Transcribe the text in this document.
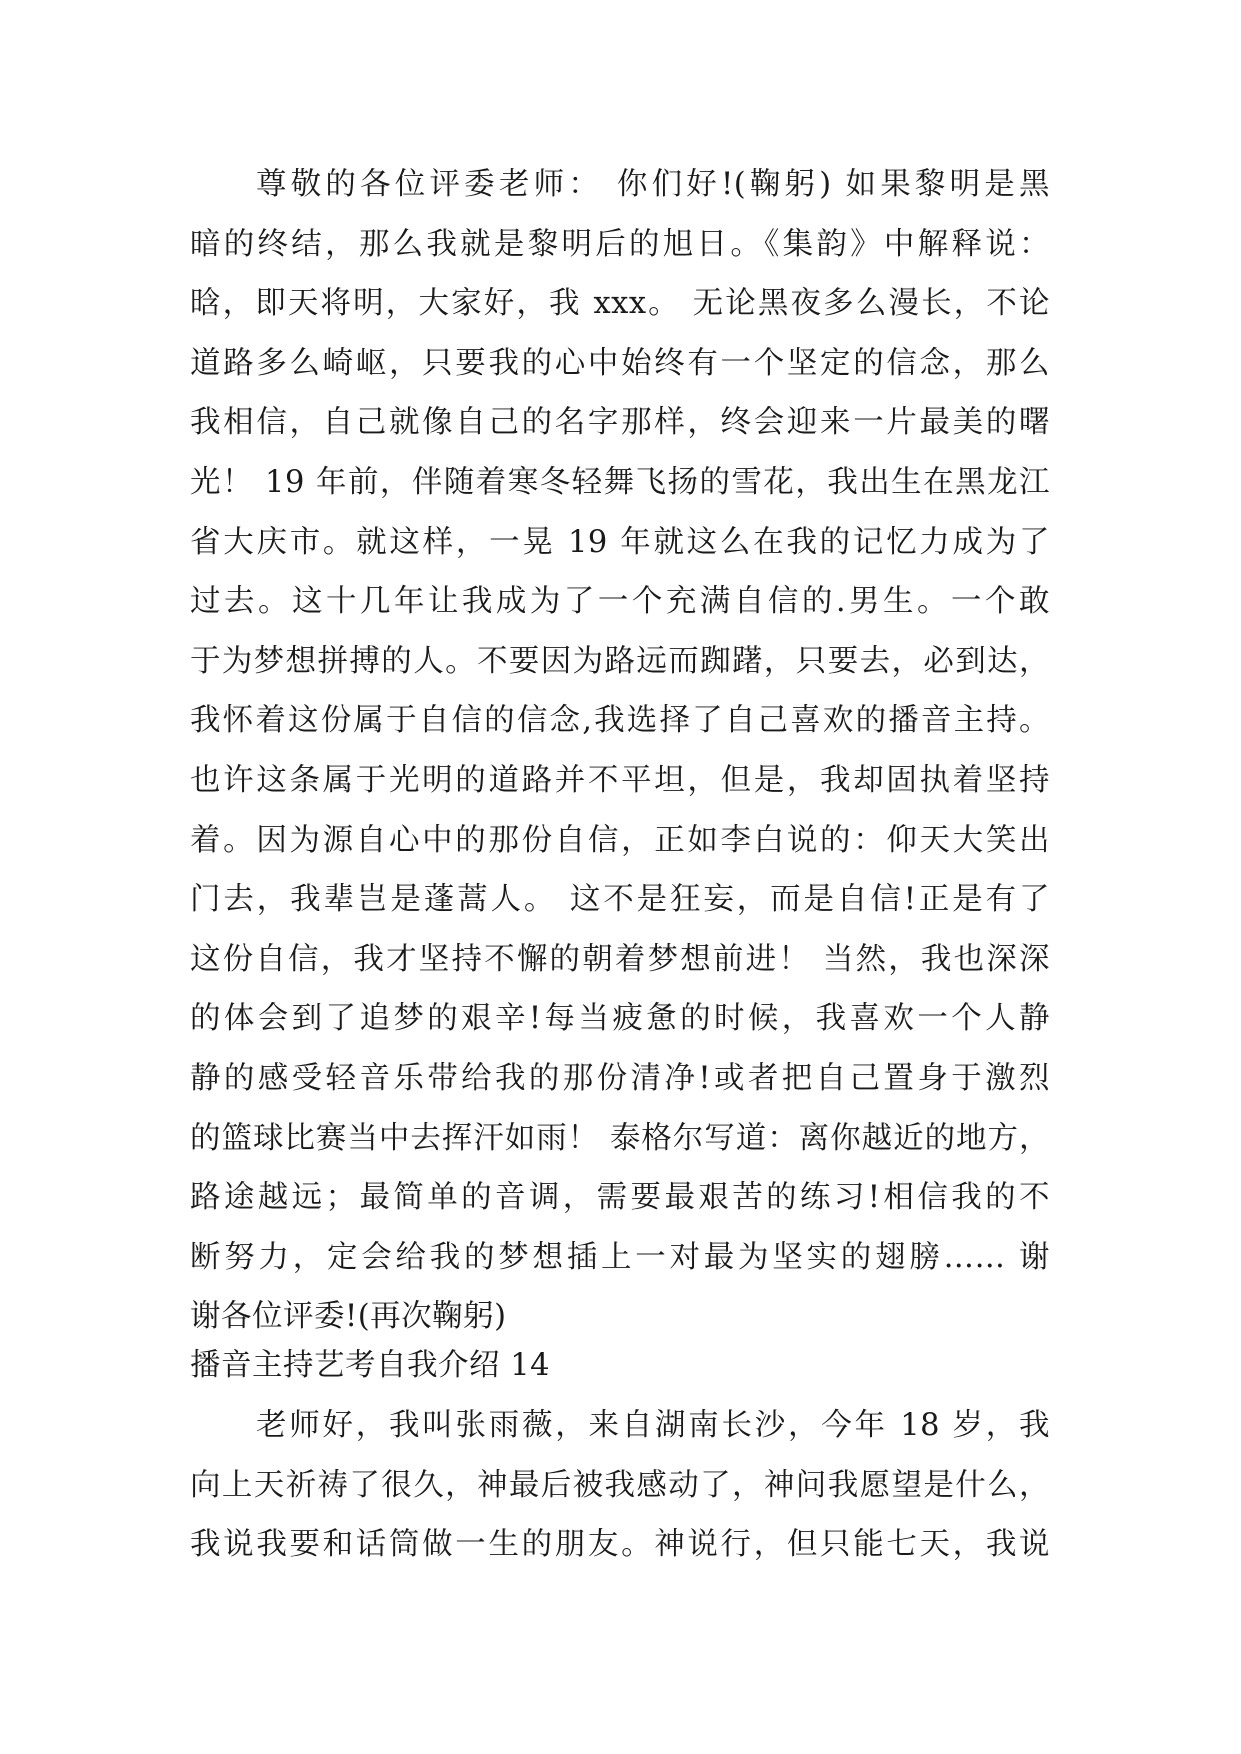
尊敬的各位评委老师： 你们好!(鞠躬) 如果黎明是黑
暗的终结，那么我就是黎明后的旭日。《集韵》中解释说：
晗，即天将明，大家好，我 xxx。 无论黑夜多么漫长，不论
道路多么崎岖，只要我的心中始终有一个坚定的信念，那么
我相信，自己就像自己的名字那样，终会迎来一片最美的曙
光！ 19 年前，伴随着寒冬轻舞飞扬的雪花，我出生在黑龙江
省大庆市。就这样，一晃 19 年就这么在我的记忆力成为了
过去。这十几年让我成为了一个充满自信的.男生。一个敢
于为梦想拼搏的人。不要因为路远而踟躇，只要去，必到达，
我怀着这份属于自信的信念,我选择了自己喜欢的播音主持。
也许这条属于光明的道路并不平坦，但是，我却固执着坚持
着。因为源自心中的那份自信，正如李白说的：仰天大笑出
门去，我辈岂是蓬蒿人。 这不是狂妄，而是自信!正是有了
这份自信，我才坚持不懈的朝着梦想前进！ 当然，我也深深
的体会到了追梦的艰辛!每当疲惫的时候，我喜欢一个人静
静的感受轻音乐带给我的那份清净!或者把自己置身于激烈
的篮球比赛当中去挥汗如雨！ 泰格尔写道：离你越近的地方，
路途越远；最简单的音调，需要最艰苦的练习!相信我的不
断努力，定会给我的梦想插上一对最为坚实的翅膀…… 谢
谢各位评委!(再次鞠躬)
播音主持艺考自我介绍 14
老师好，我叫张雨薇，来自湖南长沙，今年 18 岁，我
向上天祈祷了很久，神最后被我感动了，神问我愿望是什么，
我说我要和话筒做一生的朋友。神说行，但只能七天，我说
